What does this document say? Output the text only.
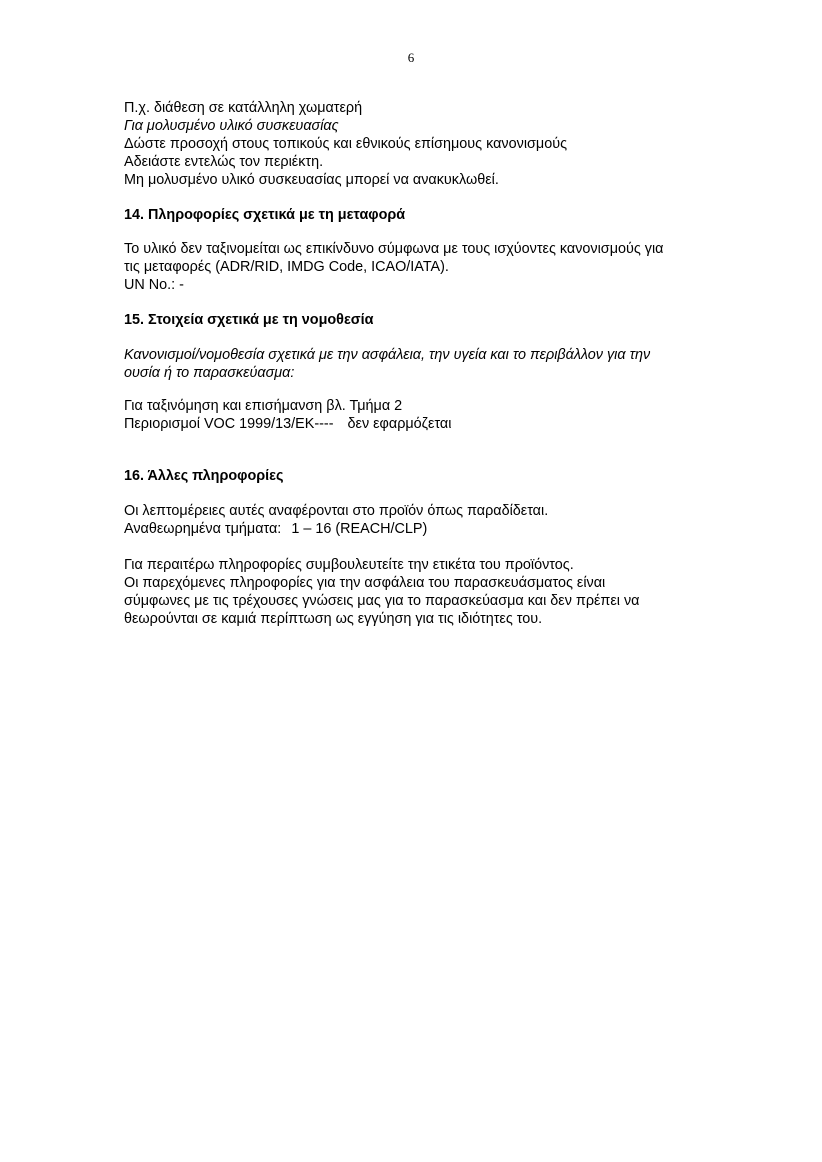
6
Π.χ. διάθεση σε κατάλληλη χωματερή
Για μολυσμένο υλικό συσκευασίας
Δώστε προσοχή στους τοπικούς και εθνικούς επίσημους κανονισμούς
Αδειάστε εντελώς τον περιέκτη.
Μη μολυσμένο υλικό συσκευασίας μπορεί να ανακυκλωθεί.
14. Πληροφορίες σχετικά με τη μεταφορά
Το υλικό δεν ταξινομείται ως επικίνδυνο σύμφωνα με τους ισχύοντες κανονισμούς για
τις μεταφορές (ADR/RID, IMDG Code, ICAO/IATA).
UN No.: -
15. Στοιχεία σχετικά με τη νομοθεσία
Κανονισμοί/νομοθεσία σχετικά με την ασφάλεια, την υγεία και το περιβάλλον για την
ουσία ή το παρασκεύασμα:
Για ταξινόμηση και επισήμανση βλ. Τμήμα 2
Περιορισμοί VOC 1999/13/ΕΚ---- δεν εφαρμόζεται
16. Άλλες πληροφορίες
Οι λεπτομέρειες αυτές αναφέρονται στο προϊόν όπως παραδίδεται.
Αναθεωρημένα τμήματα: 1 – 16 (REACH/CLP)
Για περαιτέρω πληροφορίες συμβουλευτείτε την ετικέτα του προϊόντος.
Οι παρεχόμενες πληροφορίες για την ασφάλεια του παρασκευάσματος είναι
σύμφωνες με τις τρέχουσες γνώσεις μας για το παρασκεύασμα και δεν πρέπει να
θεωρούνται σε καμιά περίπτωση ως εγγύηση για τις ιδιότητες του.
